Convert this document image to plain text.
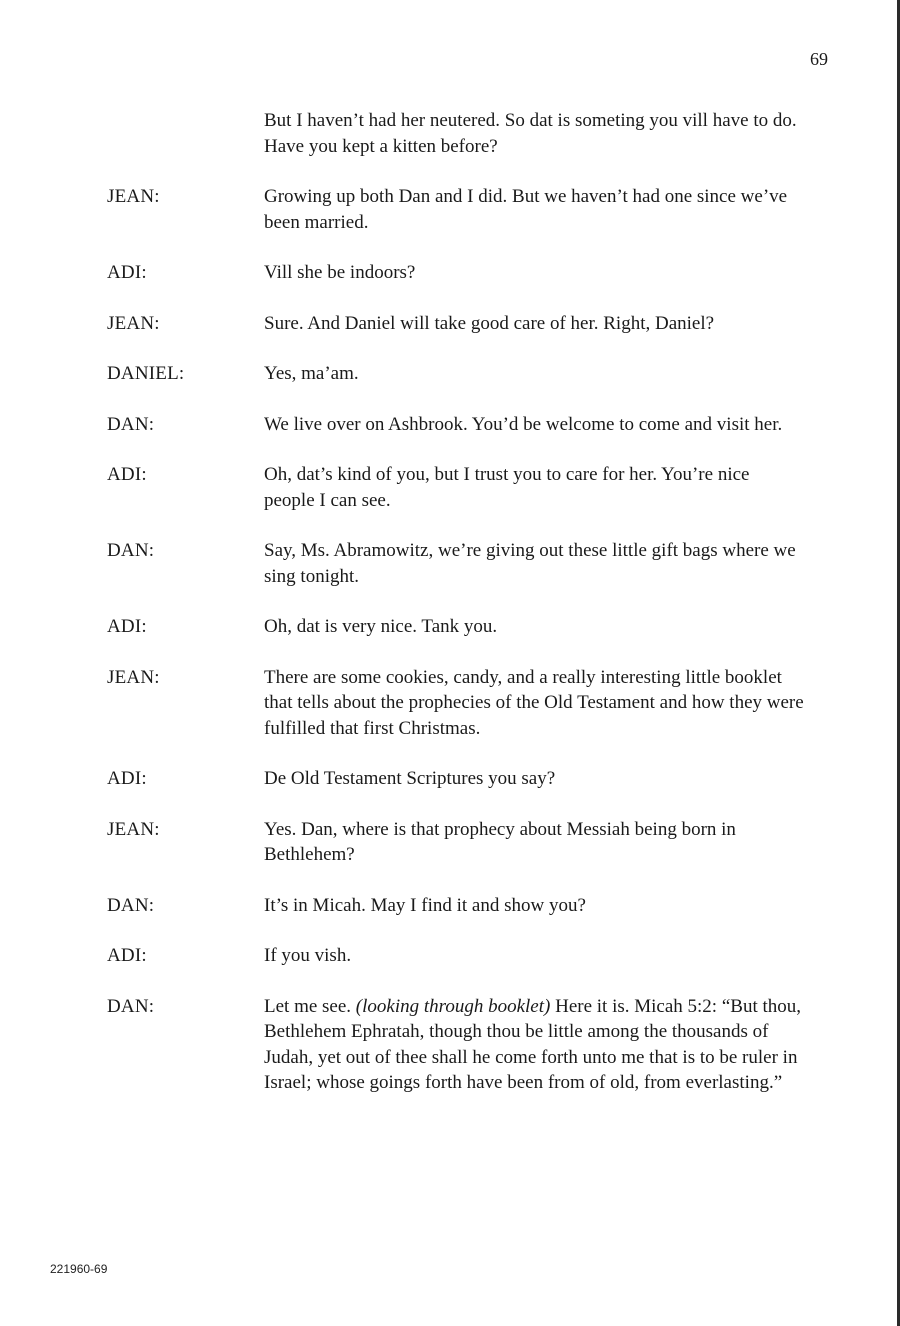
69
But I haven’t had her neutered. So dat is someting you vill have to do. Have you kept a kitten before?
JEAN:	Growing up both Dan and I did. But we haven’t had one since we’ve been married.
ADI:	Vill she be indoors?
JEAN:	Sure. And Daniel will take good care of her. Right, Daniel?
DANIEL:	Yes, ma’am.
DAN:	We live over on Ashbrook. You’d be welcome to come and visit her.
ADI:	Oh, dat’s kind of you, but I trust you to care for her. You’re nice people I can see.
DAN:	Say, Ms. Abramowitz, we’re giving out these little gift bags where we sing tonight.
ADI:	Oh, dat is very nice. Tank you.
JEAN:	There are some cookies, candy, and a really interesting little booklet that tells about the prophecies of the Old Testament and how they were fulfilled that first Christmas.
ADI:	De Old Testament Scriptures you say?
JEAN:	Yes. Dan, where is that prophecy about Messiah being born in Bethlehem?
DAN:	It’s in Micah. May I find it and show you?
ADI:	If you vish.
DAN:	Let me see. (looking through booklet) Here it is. Micah 5:2: “But thou, Bethlehem Ephratah, though thou be little among the thousands of Judah, yet out of thee shall he come forth unto me that is to be ruler in Israel; whose goings forth have been from of old, from everlasting.”
221960-69
